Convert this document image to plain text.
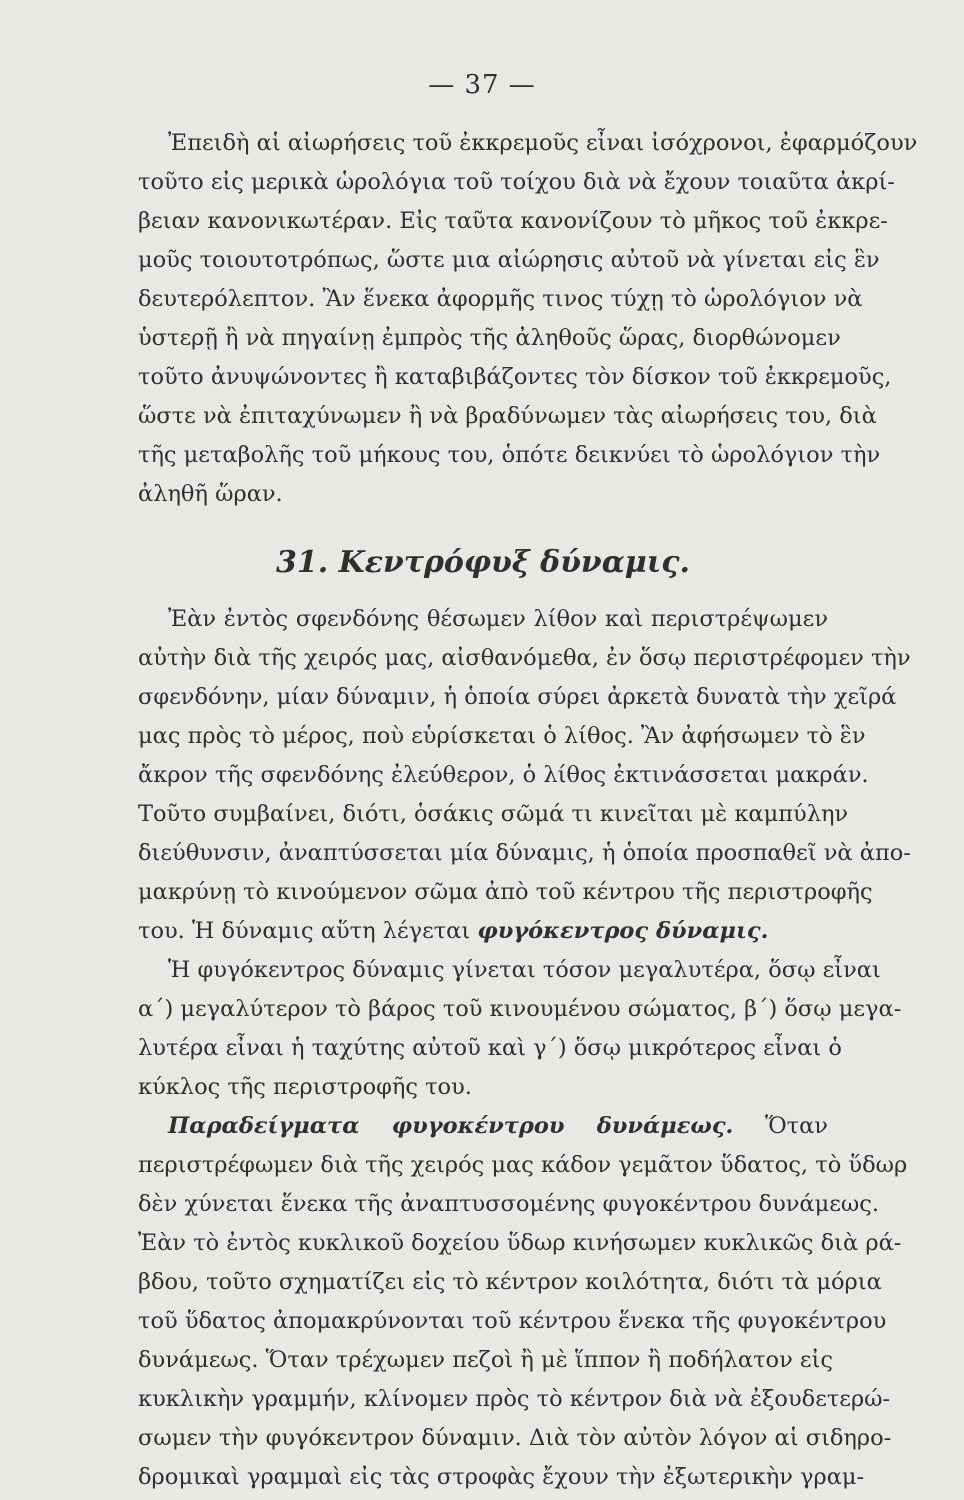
— 37 —
Ἐπειδὴ αἱ αἰωρήσεις τοῦ ἐκκρεμοῦς εἶναι ἰσόχρονοι, ἐφαρμόζουν
τοῦτο εἰς μερικὰ ὡρολόγια τοῦ τοίχου διὰ νὰ ἔχουν τοιαῦτα ἀκρί-
βειαν κανονικωτέραν. Εἰς ταῦτα κανονίζουν τὸ μῆκος τοῦ ἐκκρε-
μοῦς τοιουτοτρόπως, ὥστε μια αἰώρησις αὐτοῦ νὰ γίνεται εἰς ἓν
δευτερόλεπτον. Ἂν ἕνεκα ἀφορμῆς τινος τύχῃ τὸ ὡρολόγιον νὰ
ὑστερῇ ἢ νὰ πηγαίνῃ ἐμπρὸς τῆς ἀληθοῦς ὥρας, διορθώνομεν
τοῦτο ἀνυψώνοντες ἢ καταβιβάζοντες τὸν δίσκον τοῦ ἐκκρεμοῦς,
ὥστε νὰ ἐπιταχύνωμεν ἢ νὰ βραδύνωμεν τὰς αἰωρήσεις του, διὰ
τῆς μεταβολῆς τοῦ μήκους του, ὁπότε δεικνύει τὸ ὡρολόγιον τὴν
ἀληθῆ ὥραν.
31. Κεντρόφυξ δύναμις.
Ἐὰν ἐντὸς σφενδόνης θέσωμεν λίθον καὶ περιστρέψωμεν
αὐτὴν διὰ τῆς χειρός μας, αἰσθανόμεθα, ἐν ὅσῳ περιστρέφομεν τὴν
σφενδόνην, μίαν δύναμιν, ἡ ὁποία σύρει ἀρκετὰ δυνατὰ τὴν χεῖρά
μας πρὸς τὸ μέρος, ποὺ εὑρίσκεται ὁ λίθος. Ἂν ἀφήσωμεν τὸ ἓν
ἄκρον τῆς σφενδόνης ἐλεύθερον, ὁ λίθος ἐκτινάσσεται μακράν.
Τοῦτο συμβαίνει, διότι, ὁσάκις σῶμά τι κινεῖται μὲ καμπύλην
διεύθυνσιν, ἀναπτύσσεται μία δύναμις, ἡ ὁποία προσπαθεῖ νὰ ἀπο-
μακρύνῃ τὸ κινούμενον σῶμα ἀπὸ τοῦ κέντρου τῆς περιστροφῆς
του. Ἡ δύναμις αὕτη λέγεται φυγόκεντρος δύναμις.
Ἡ φυγόκεντρος δύναμις γίνεται τόσον μεγαλυτέρα, ὅσῳ εἶναι
α΄) μεγαλύτερον τὸ βάρος τοῦ κινουμένου σώματος, β΄) ὅσῳ μεγα-
λυτέρα εἶναι ἡ ταχύτης αὐτοῦ καὶ γ΄) ὅσῳ μικρότερος εἶναι ὁ
κύκλος τῆς περιστροφῆς του.
Παραδείγματα φυγοκέντρου δυνάμεως. Ὅταν
περιστρέφωμεν διὰ τῆς χειρός μας κάδον γεμᾶτον ὕδατος, τὸ ὕδωρ
δὲν χύνεται ἕνεκα τῆς ἀναπτυσσομένης φυγοκέντρου δυνάμεως.
Ἐὰν τὸ ἐντὸς κυκλικοῦ δοχείου ὕδωρ κινήσωμεν κυκλικῶς διὰ ρά-
βδου, τοῦτο σχηματίζει εἰς τὸ κέντρον κοιλότητα, διότι τὰ μόρια
τοῦ ὕδατος ἀπομακρύνονται τοῦ κέντρου ἕνεκα τῆς φυγοκέντρου
δυνάμεως. Ὅταν τρέχωμεν πεζοὶ ἢ μὲ ἵππον ἢ ποδήλατον εἰς
κυκλικὴν γραμμήν, κλίνομεν πρὸς τὸ κέντρον διὰ νὰ ἐξουδετερώ-
σωμεν τὴν φυγόκεντρον δύναμιν. Διὰ τὸν αὐτὸν λόγον αἱ σιδηρο-
δρομικαὶ γραμμαὶ εἰς τὰς στροφὰς ἔχουν τὴν ἐξωτερικὴν γραμ-
